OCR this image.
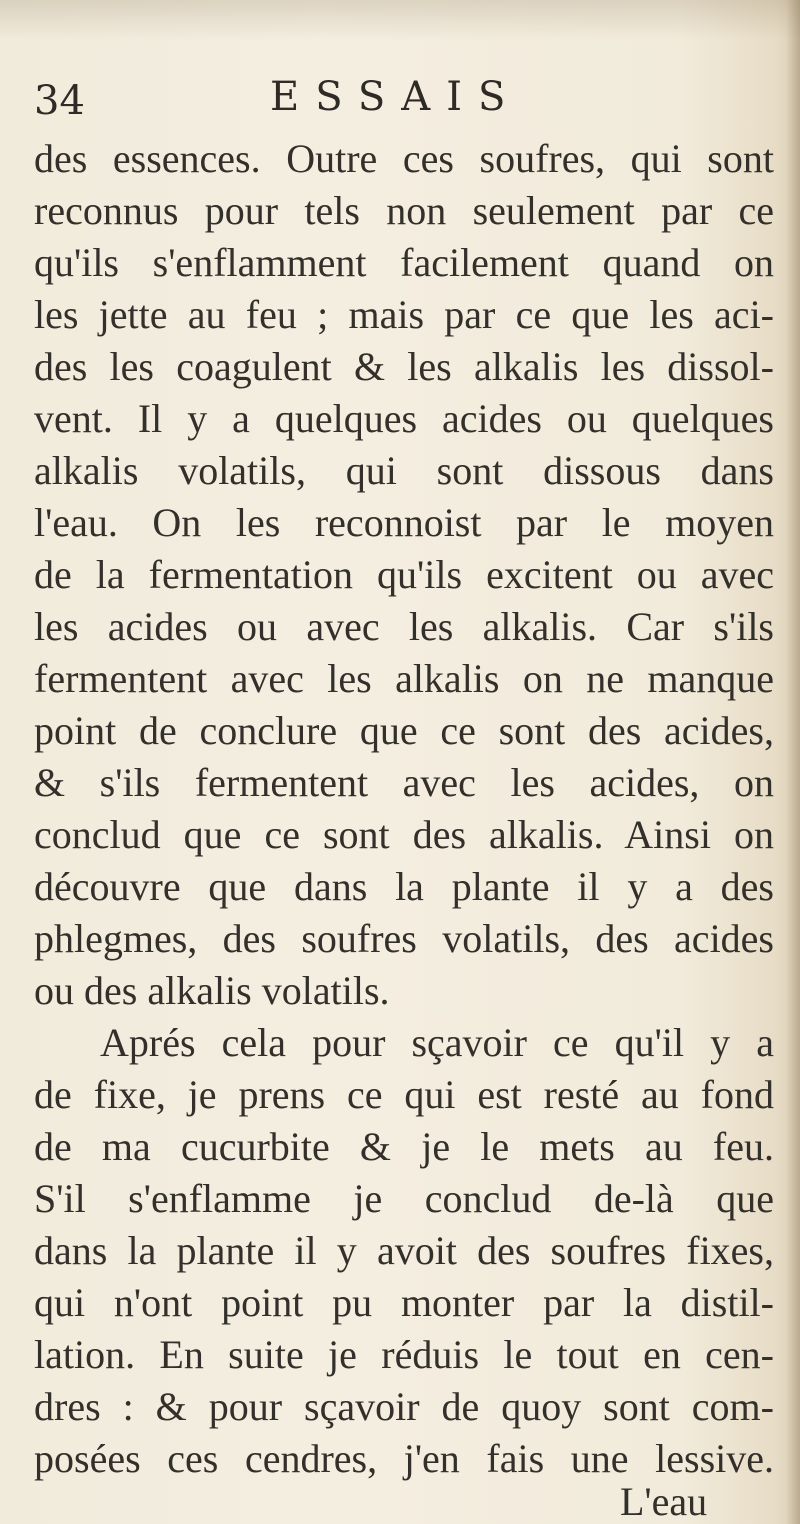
34	ESSAIS
des essences. Outre ces soufres, qui sont
reconnus pour tels non seulement par ce
qu'ils s'enflamment facilement quand on
les jette au feu ; mais par ce que les aci-
des les coagulent & les alkalis les dissol-
vent. Il y a quelques acides ou quelques
alkalis volatils, qui sont dissous dans
l'eau. On les reconnoist par le moyen
de la fermentation qu'ils excitent ou avec
les acides ou avec les alkalis. Car s'ils
fermentent avec les alkalis on ne manque
point de conclure que ce sont des acides,
& s'ils fermentent avec les acides, on
conclud que ce sont des alkalis. Ainsi on
découvre que dans la plante il y a des
phlegmes, des soufres volatils, des acides
ou des alkalis volatils.
Aprés cela pour sçavoir ce qu'il y a
de fixe, je prens ce qui est resté au fond
de ma cucurbite & je le mets au feu.
S'il s'enflamme je conclud de-là que
dans la plante il y avoit des soufres fixes,
qui n'ont point pu monter par la distil-
lation. En suite je réduis le tout en cen-
dres : & pour sçavoir de quoy sont com-
posées ces cendres, j'en fais une lessive.
L'eau
